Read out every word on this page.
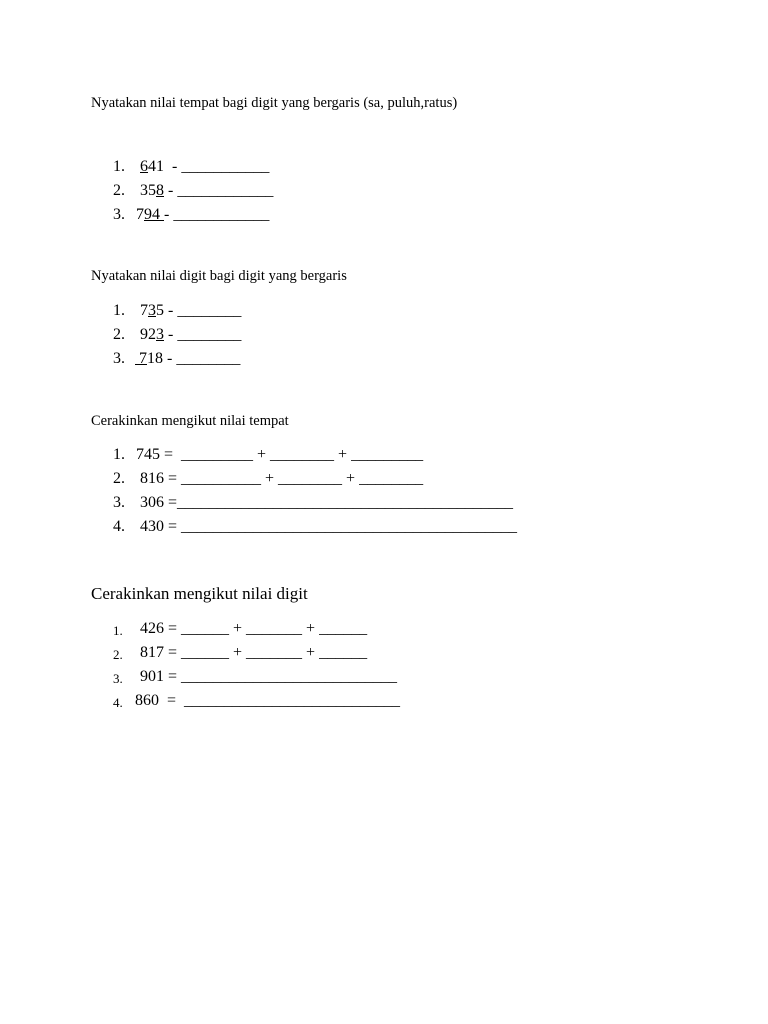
Nyatakan nilai tempat bagi digit yang bergaris (sa, puluh,ratus)
1. 641  - ___________
2. 358 - ____________
3. 794 - ____________
Nyatakan nilai digit bagi digit yang bergaris
1. 735 - ________
2. 923 - ________
3. 718 - ________
Cerakinkan mengikut nilai tempat
1. 745 =  _________ + ________ + _________
2. 816 = __________ + ________ + ________
3. 306 =__________________________________________
4. 430 = __________________________________________
Cerakinkan mengikut nilai digit
1. 426 = ______ + _______ + ______
2. 817 = ______ + _______ + ______
3. 901 = ___________________________
4. 860  =  ___________________________
